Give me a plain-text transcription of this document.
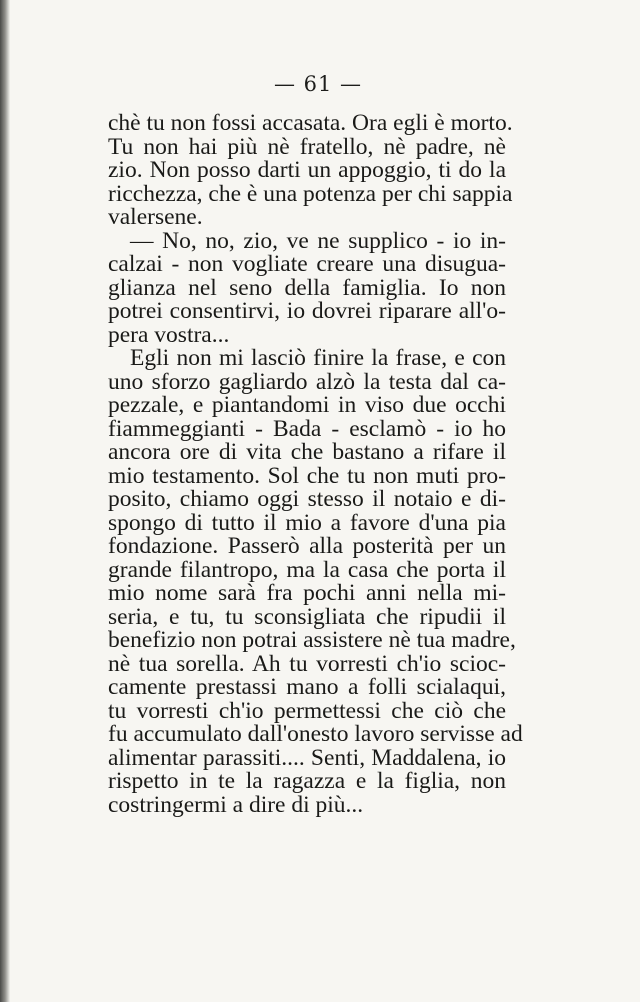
— 61 —
chè tu non fossi accasata. Ora egli è morto.
Tu non hai più nè fratello, nè padre, nè
zio. Non posso darti un appoggio, ti do la
ricchezza, che è una potenza per chi sappia
valersene.
— No, no, zio, ve ne supplico - io in-
calzai - non vogliate creare una disugua-
glianza nel seno della famiglia. Io non
potrei consentirvi, io dovrei riparare all'o-
pera vostra...
Egli non mi lasciò finire la frase, e con
uno sforzo gagliardo alzò la testa dal ca-
pezzale, e piantandomi in viso due occhi
fiammeggianti - Bada - esclamò - io ho
ancora ore di vita che bastano a rifare il
mio testamento. Sol che tu non muti pro-
posito, chiamo oggi stesso il notaio e di-
spongo di tutto il mio a favore d'una pia
fondazione. Passerò alla posterità per un
grande filantropo, ma la casa che porta il
mio nome sarà fra pochi anni nella mi-
seria, e tu, tu sconsigliata che ripudii il
benefizio non potrai assistere nè tua madre,
nè tua sorella. Ah tu vorresti ch'io scioc-
camente prestassi mano a folli scialaqui,
tu vorresti ch'io permettessi che ciò che
fu accumulato dall'onesto lavoro servisse ad
alimentar parassiti.... Senti, Maddalena, io
rispetto in te la ragazza e la figlia, non
costringermi a dire di più...
